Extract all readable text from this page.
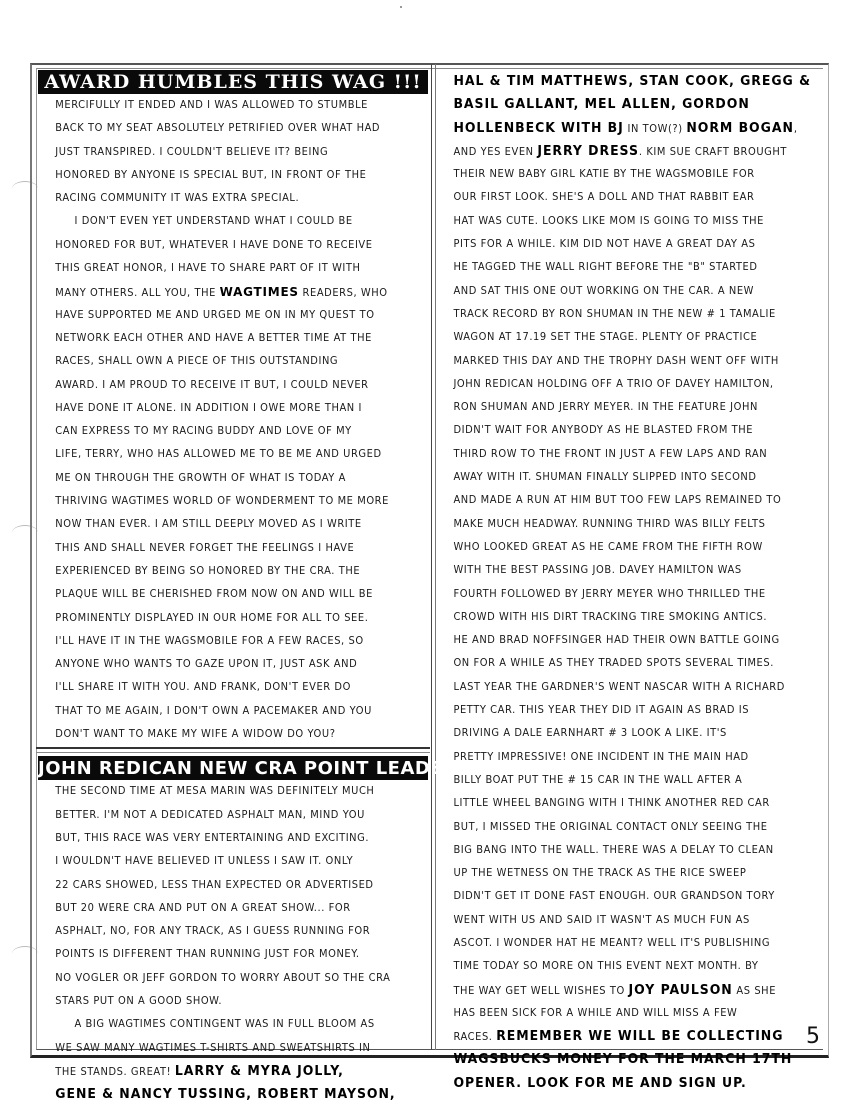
AWARD HUMBLES THIS WAG !!!
MERCIFULLY IT ENDED AND I WAS ALLOWED TO STUMBLE
BACK TO MY SEAT ABSOLUTELY PETRIFIED OVER WHAT HAD
JUST TRANSPIRED. I COULDN'T BELIEVE IT? BEING
HONORED BY ANYONE IS SPECIAL BUT, IN FRONT OF THE
RACING COMMUNITY IT WAS EXTRA SPECIAL.
I DON'T EVEN YET UNDERSTAND WHAT I COULD BE
HONORED FOR BUT, WHATEVER I HAVE DONE TO RECEIVE
THIS GREAT HONOR, I HAVE TO SHARE PART OF IT WITH
MANY OTHERS. ALL YOU, THE WAGTIMES READERS, WHO
HAVE SUPPORTED ME AND URGED ME ON IN MY QUEST TO
NETWORK EACH OTHER AND HAVE A BETTER TIME AT THE
RACES, SHALL OWN A PIECE OF THIS OUTSTANDING
AWARD. I AM PROUD TO RECEIVE IT BUT, I COULD NEVER
HAVE DONE IT ALONE. IN ADDITION I OWE MORE THAN I
CAN EXPRESS TO MY RACING BUDDY AND LOVE OF MY
LIFE, TERRY, WHO HAS ALLOWED ME TO BE ME AND URGED
ME ON THROUGH THE GROWTH OF WHAT IS TODAY A
THRIVING WAGTIMES WORLD OF WONDERMENT TO ME MORE
NOW THAN EVER. I AM STILL DEEPLY MOVED AS I WRITE
THIS AND SHALL NEVER FORGET THE FEELINGS I HAVE
EXPERIENCED BY BEING SO HONORED BY THE CRA. THE
PLAQUE WILL BE CHERISHED FROM NOW ON AND WILL BE
PROMINENTLY DISPLAYED IN OUR HOME FOR ALL TO SEE.
I'LL HAVE IT IN THE WAGSMOBILE FOR A FEW RACES, SO
ANYONE WHO WANTS TO GAZE UPON IT, JUST ASK AND
I'LL SHARE IT WITH YOU. AND FRANK, DON'T EVER DO
THAT TO ME AGAIN, I DON'T OWN A PACEMAKER AND YOU
DON'T WANT TO MAKE MY WIFE A WIDOW DO YOU?
JOHN REDICAN NEW CRA POINT LEADER
THE SECOND TIME AT MESA MARIN WAS DEFINITELY MUCH
BETTER. I'M NOT A DEDICATED ASPHALT MAN, MIND YOU
BUT, THIS RACE WAS VERY ENTERTAINING AND EXCITING.
I WOULDN'T HAVE BELIEVED IT UNLESS I SAW IT. ONLY
22 CARS SHOWED, LESS THAN EXPECTED OR ADVERTISED
BUT 20 WERE CRA AND PUT ON A GREAT SHOW... FOR
ASPHALT, NO, FOR ANY TRACK, AS I GUESS RUNNING FOR
POINTS IS DIFFERENT THAN RUNNING JUST FOR MONEY.
NO VOGLER OR JEFF GORDON TO WORRY ABOUT SO THE CRA
STARS PUT ON A GOOD SHOW.
A BIG WAGTIMES CONTINGENT WAS IN FULL BLOOM AS
WE SAW MANY WAGTIMES T-SHIRTS AND SWEATSHIRTS IN
THE STANDS. GREAT! LARRY & MYRA JOLLY,
GENE & NANCY TUSSING, ROBERT MAYSON,
HAL & TIM MATTHEWS, STAN COOK, GREGG &
BASIL GALLANT, MEL ALLEN, GORDON
HOLLENBECK WITH BJ IN TOW(?) NORM BOGAN,
AND YES EVEN JERRY DRESS. KIM SUE CRAFT BROUGHT
THEIR NEW BABY GIRL KATIE BY THE WAGSMOBILE FOR
OUR FIRST LOOK. SHE'S A DOLL AND THAT RABBIT EAR
HAT WAS CUTE. LOOKS LIKE MOM IS GOING TO MISS THE
PITS FOR A WHILE. KIM DID NOT HAVE A GREAT DAY AS
HE TAGGED THE WALL RIGHT BEFORE THE "B" STARTED
AND SAT THIS ONE OUT WORKING ON THE CAR. A NEW
TRACK RECORD BY RON SHUMAN IN THE NEW # 1 TAMALIE
WAGON AT 17.19 SET THE STAGE. PLENTY OF PRACTICE
MARKED THIS DAY AND THE TROPHY DASH WENT OFF WITH
JOHN REDICAN HOLDING OFF A TRIO OF DAVEY HAMILTON,
RON SHUMAN AND JERRY MEYER. IN THE FEATURE JOHN
DIDN'T WAIT FOR ANYBODY AS HE BLASTED FROM THE
THIRD ROW TO THE FRONT IN JUST A FEW LAPS AND RAN
AWAY WITH IT. SHUMAN FINALLY SLIPPED INTO SECOND
AND MADE A RUN AT HIM BUT TOO FEW LAPS REMAINED TO
MAKE MUCH HEADWAY. RUNNING THIRD WAS BILLY FELTS
WHO LOOKED GREAT AS HE CAME FROM THE FIFTH ROW
WITH THE BEST PASSING JOB. DAVEY HAMILTON WAS
FOURTH FOLLOWED BY JERRY MEYER WHO THRILLED THE
CROWD WITH HIS DIRT TRACKING TIRE SMOKING ANTICS.
HE AND BRAD NOFFSINGER HAD THEIR OWN BATTLE GOING
ON FOR A WHILE AS THEY TRADED SPOTS SEVERAL TIMES.
LAST YEAR THE GARDNER'S WENT NASCAR WITH A RICHARD
PETTY CAR. THIS YEAR THEY DID IT AGAIN AS BRAD IS
DRIVING A DALE EARNHART # 3 LOOK A LIKE. IT'S
PRETTY IMPRESSIVE! ONE INCIDENT IN THE MAIN HAD
BILLY BOAT PUT THE # 15 CAR IN THE WALL AFTER A
LITTLE WHEEL BANGING WITH I THINK ANOTHER RED CAR
BUT, I MISSED THE ORIGINAL CONTACT ONLY SEEING THE
BIG BANG INTO THE WALL. THERE WAS A DELAY TO CLEAN
UP THE WETNESS ON THE TRACK AS THE RICE SWEEP
DIDN'T GET IT DONE FAST ENOUGH. OUR GRANDSON TORY
WENT WITH US AND SAID IT WASN'T AS MUCH FUN AS
ASCOT. I WONDER HAT HE MEANT? WELL IT'S PUBLISHING
TIME TODAY SO MORE ON THIS EVENT NEXT MONTH. BY
THE WAY GET WELL WISHES TO JOY PAULSON AS SHE
HAS BEEN SICK FOR A WHILE AND WILL MISS A FEW
RACES. REMEMBER WE WILL BE COLLECTING
WAGSBUCKS MONEY FOR THE MARCH 17TH
OPENER. LOOK FOR ME AND SIGN UP.
5
